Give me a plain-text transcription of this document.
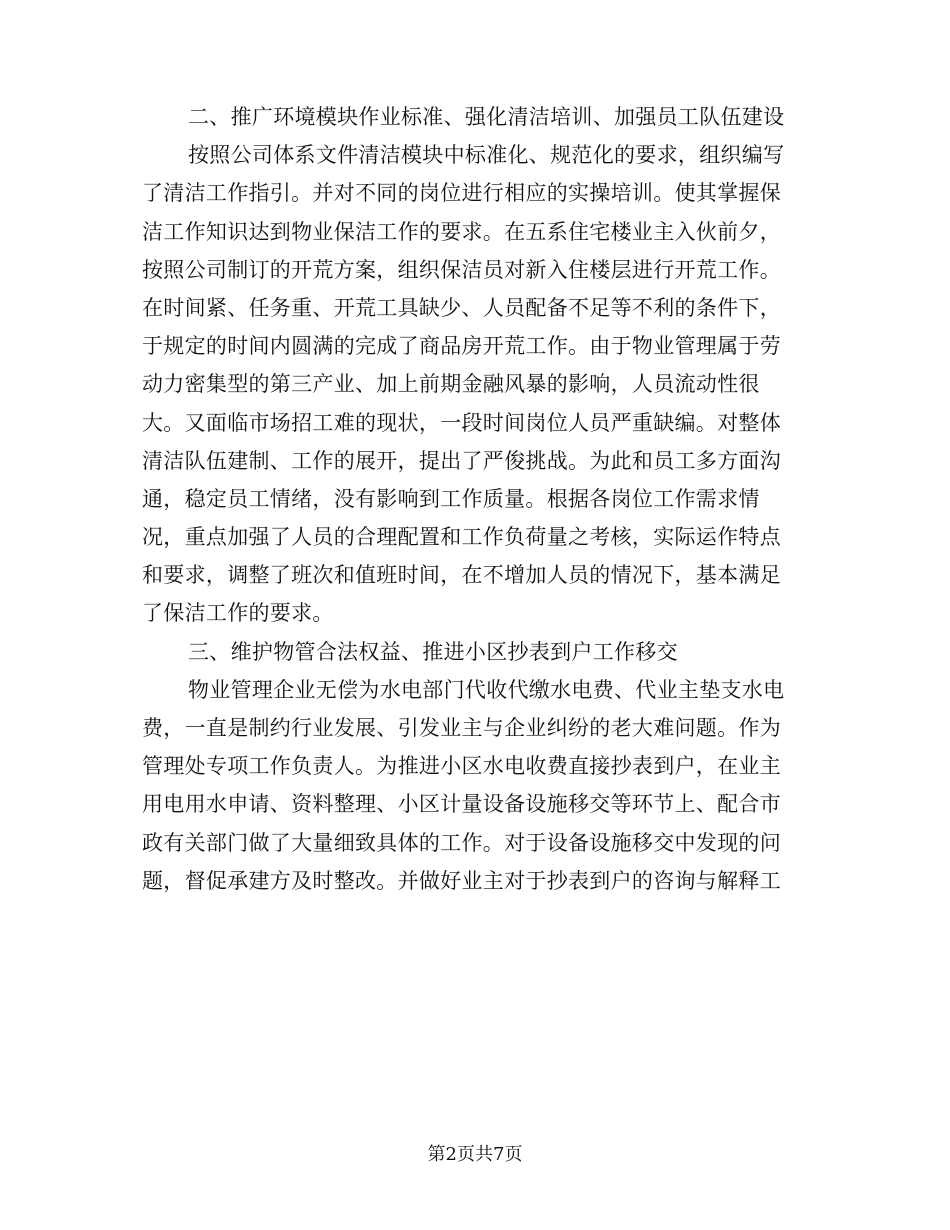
二、推广环境模块作业标准、强化清洁培训、加强员工队伍建设
按照公司体系文件清洁模块中标准化、规范化的要求，组织编写
了清洁工作指引。并对不同的岗位进行相应的实操培训。使其掌握保
洁工作知识达到物业保洁工作的要求。在五系住宅楼业主入伙前夕，
按照公司制订的开荒方案，组织保洁员对新入住楼层进行开荒工作。
在时间紧、任务重、开荒工具缺少、人员配备不足等不利的条件下，
于规定的时间内圆满的完成了商品房开荒工作。由于物业管理属于劳
动力密集型的第三产业、加上前期金融风暴的影响，人员流动性很
大。又面临市场招工难的现状，一段时间岗位人员严重缺编。对整体
清洁队伍建制、工作的展开，提出了严俊挑战。为此和员工多方面沟
通，稳定员工情绪，没有影响到工作质量。根据各岗位工作需求情
况，重点加强了人员的合理配置和工作负荷量之考核，实际运作特点
和要求，调整了班次和值班时间，在不增加人员的情况下，基本满足
了保洁工作的要求。
三、维护物管合法权益、推进小区抄表到户工作移交
物业管理企业无偿为水电部门代收代缴水电费、代业主垫支水电
费，一直是制约行业发展、引发业主与企业纠纷的老大难问题。作为
管理处专项工作负责人。为推进小区水电收费直接抄表到户，在业主
用电用水申请、资料整理、小区计量设备设施移交等环节上、配合市
政有关部门做了大量细致具体的工作。对于设备设施移交中发现的问
题，督促承建方及时整改。并做好业主对于抄表到户的咨询与解释工
第2页共7页
